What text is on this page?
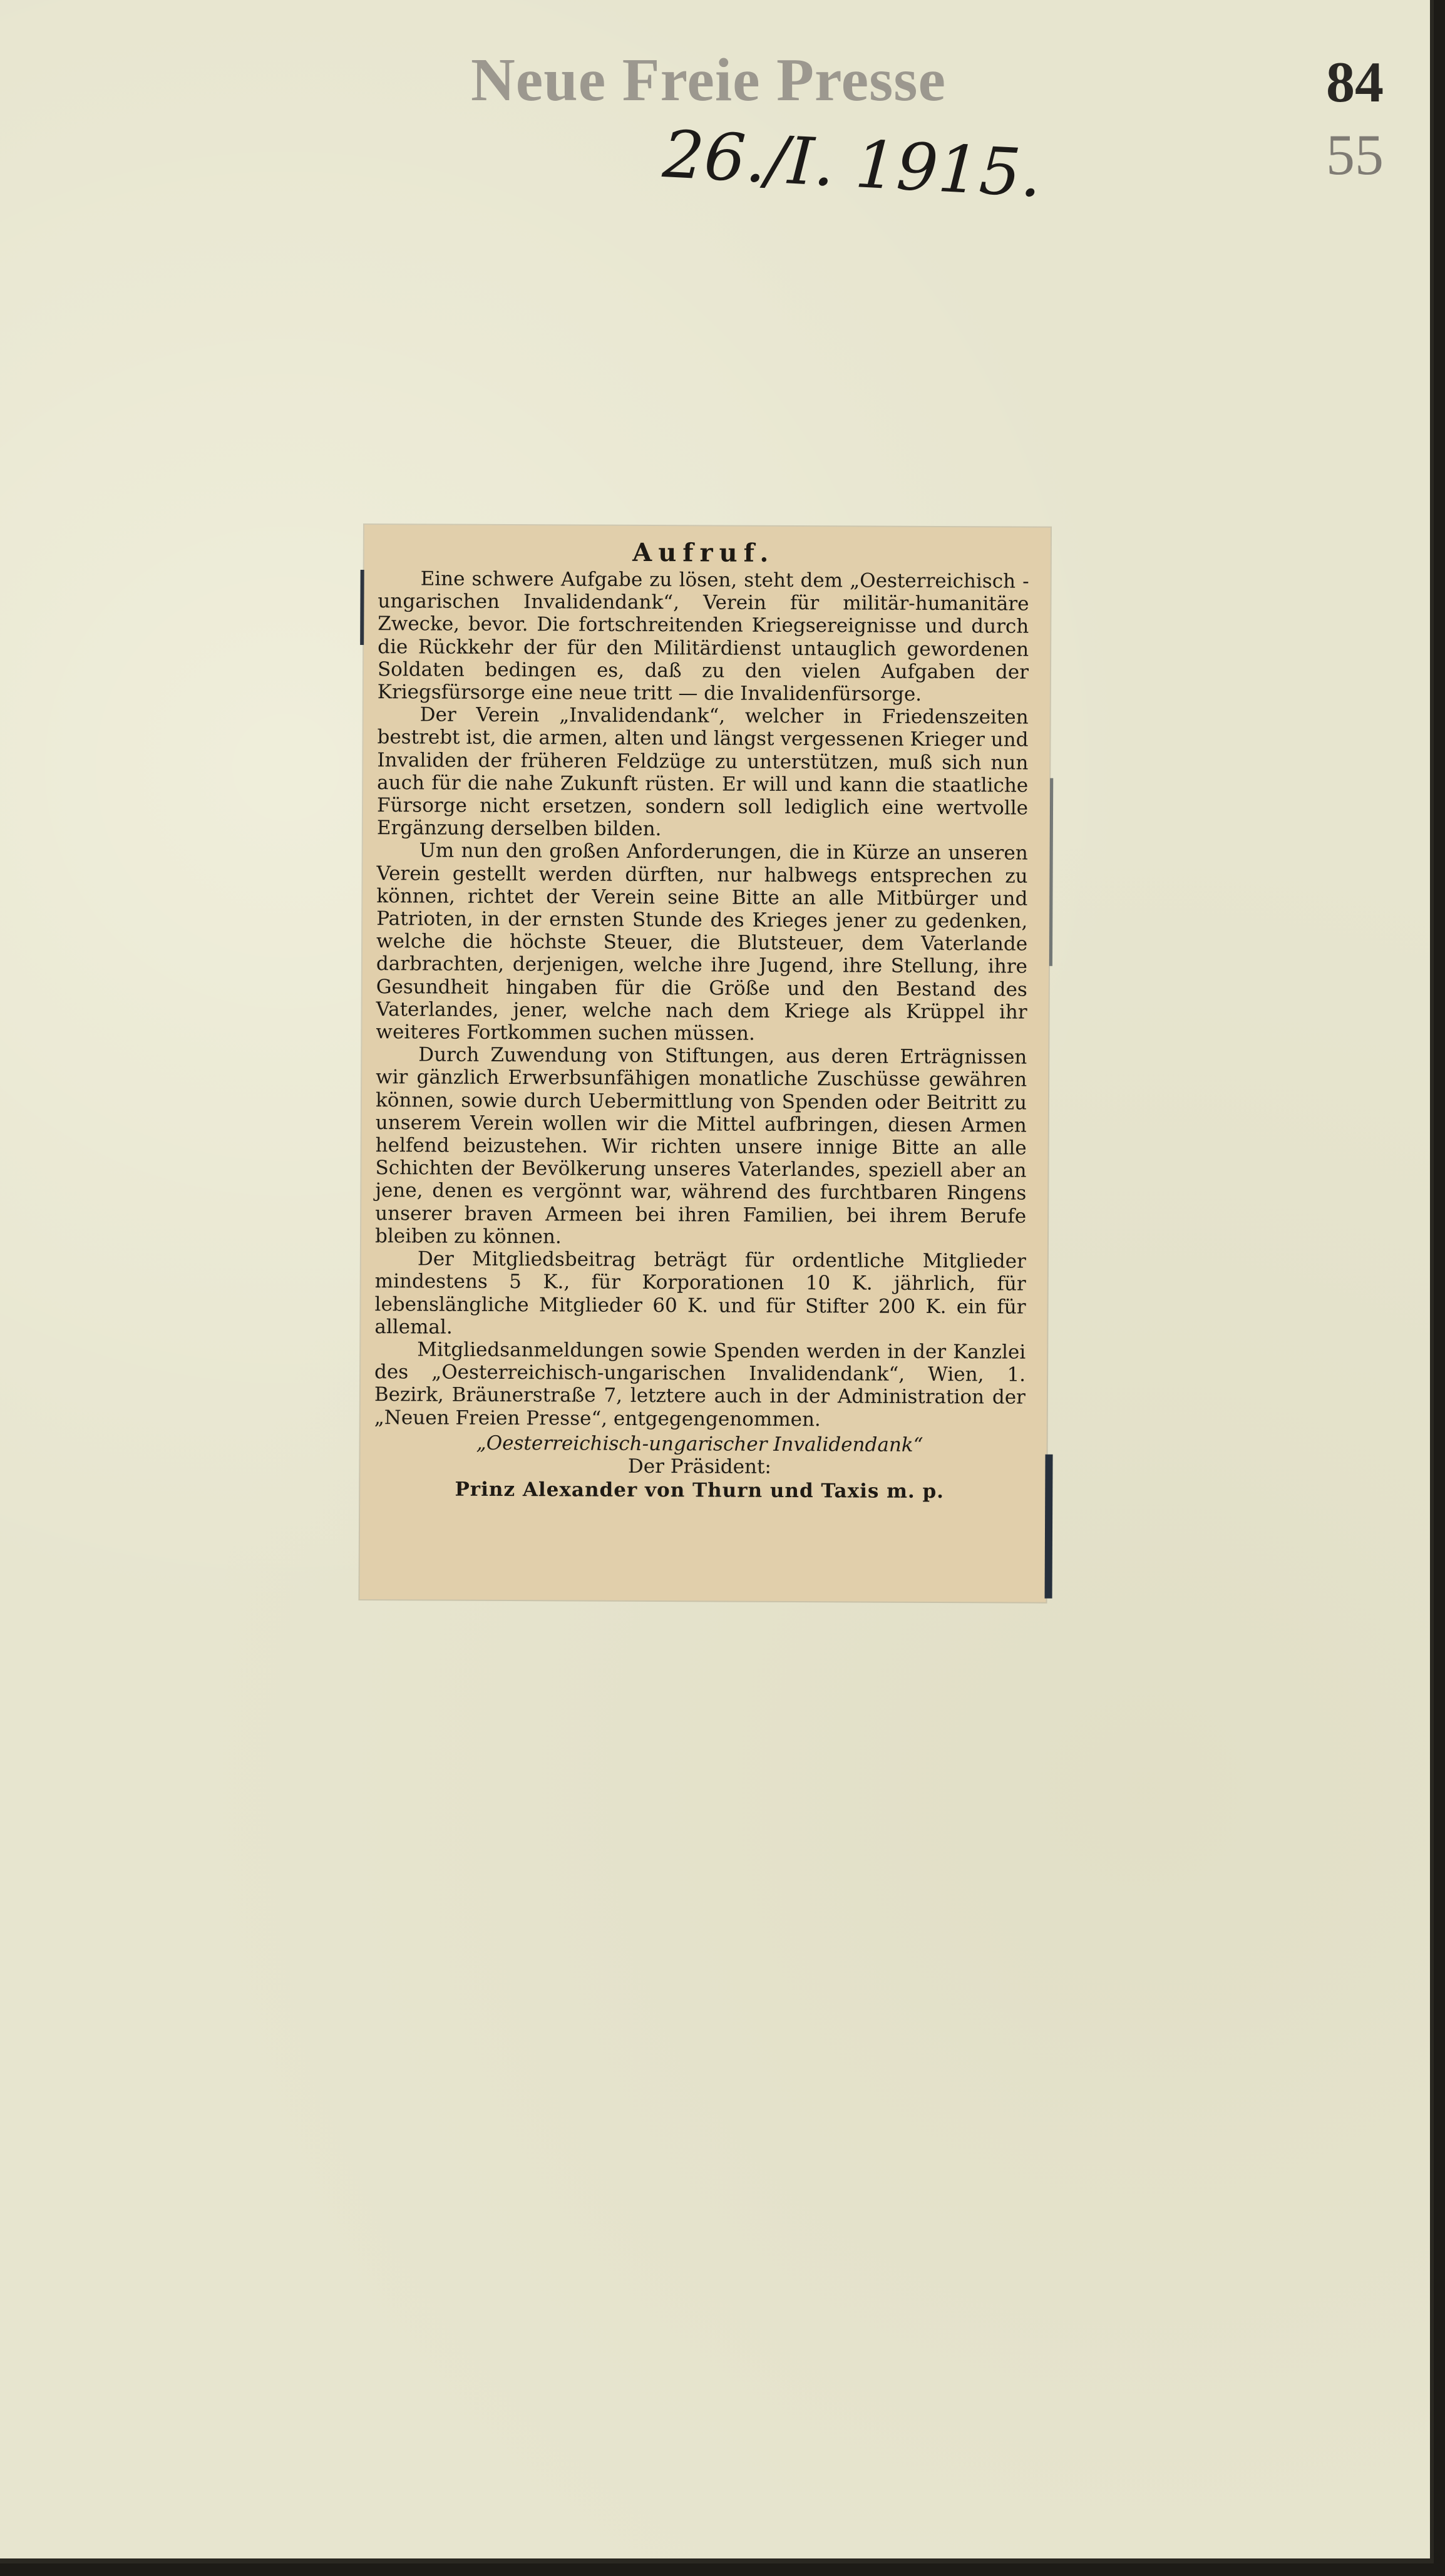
Neue Freie Presse
26./I. 1915.
84
55

Aufruf.

Eine schwere Aufgabe zu lösen, steht dem „Oesterreichisch - ungarischen Invalidendank“, Verein für militär-humanitäre Zwecke, bevor. Die fortschreitenden Kriegsereignisse und durch die Rückkehr der für den Militärdienst untauglich gewordenen Soldaten bedingen es, daß zu den vielen Aufgaben der Kriegsfürsorge eine neue tritt — die Invalidenfürsorge.

Der Verein „Invalidendank“, welcher in Friedenszeiten bestrebt ist, die armen, alten und längst vergessenen Krieger und Invaliden der früheren Feldzüge zu unterstützen, muß sich nun auch für die nahe Zukunft rüsten. Er will und kann die staatliche Fürsorge nicht ersetzen, sondern soll lediglich eine wertvolle Ergänzung derselben bilden.

Um nun den großen Anforderungen, die in Kürze an unseren Verein gestellt werden dürften, nur halbwegs entsprechen zu können, richtet der Verein seine Bitte an alle Mitbürger und Patrioten, in der ernsten Stunde des Krieges jener zu gedenken, welche die höchste Steuer, die Blutsteuer, dem Vaterlande darbrachten, derjenigen, welche ihre Jugend, ihre Stellung, ihre Gesundheit hingaben für die Größe und den Bestand des Vaterlandes, jener, welche nach dem Kriege als Krüppel ihr weiteres Fortkommen suchen müssen.

Durch Zuwendung von Stiftungen, aus deren Erträgnissen wir gänzlich Erwerbsunfähigen monatliche Zuschüsse gewähren können, sowie durch Uebermittlung von Spenden oder Beitritt zu unserem Verein wollen wir die Mittel aufbringen, diesen Armen helfend beizustehen. Wir richten unsere innige Bitte an alle Schichten der Bevölkerung unseres Vaterlandes, speziell aber an jene, denen es vergönnt war, während des furchtbaren Ringens unserer braven Armeen bei ihren Familien, bei ihrem Berufe bleiben zu können.

Der Mitgliedsbeitrag beträgt für ordentliche Mitglieder mindestens 5 K., für Korporationen 10 K. jährlich, für lebenslängliche Mitglieder 60 K. und für Stifter 200 K. ein für allemal.

Mitgliedsanmeldungen sowie Spenden werden in der Kanzlei des „Oesterreichisch-ungarischen Invalidendank“, Wien, 1. Bezirk, Bräunerstraße 7, letztere auch in der Administration der „Neuen Freien Presse“, entgegengenommen.

„Oesterreichisch-ungarischer Invalidendank“

Der Präsident:

Prinz Alexander von Thurn und Taxis m. p.
